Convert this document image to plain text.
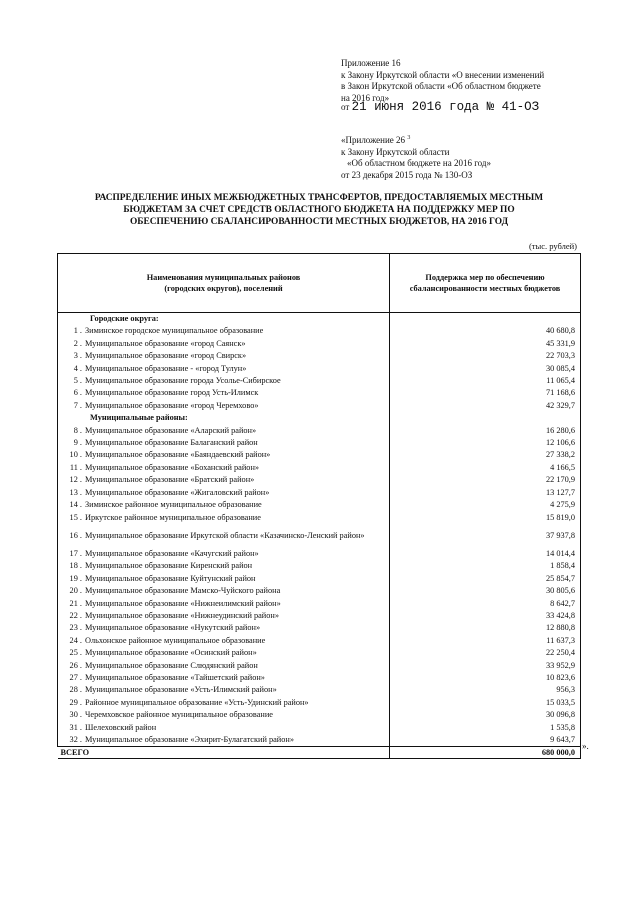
Приложение 16
к Закону Иркутской области «О внесении изменений
в Закон Иркутской области «Об областном бюджете
на 2016 год»
от 21 июня 2016 года № 41-ОЗ
«Приложение 26 $^3$
к Закону Иркутской области
«Об областном бюджете на 2016 год»
от 23 декабря 2015 года № 130-ОЗ
РАСПРЕДЕЛЕНИЕ ИНЫХ МЕЖБЮДЖЕТНЫХ ТРАНСФЕРТОВ, ПРЕДОСТАВЛЯЕМЫХ МЕСТНЫМ
БЮДЖЕТАМ ЗА СЧЕТ СРЕДСТВ ОБЛАСТНОГО БЮДЖЕТА НА ПОДДЕРЖКУ МЕР ПО
ОБЕСПЕЧЕНИЮ СБАЛАНСИРОВАННОСТИ МЕСТНЫХ БЮДЖЕТОВ, НА 2016 ГОД
(тыс. рублей)
Наименования муниципальных районов (городских округов), поселений	Поддержка мер по обеспечению сбалансированности местных бюджетов

Городские округа:	
1 . Зиминское городское муниципальное образование	40 680,8
2 . Муниципальное образование «город Саянск»	45 331,9
3 . Муниципальное образование «город Свирск»	22 703,3
4 . Муниципальное образование - «город Тулун»	30 085,4
5 . Муниципальное образование города Усолье-Сибирское	11 065,4
6 . Муниципальное образование город Усть-Илимск	71 168,6
7 . Муниципальное образование «город Черемхово»	42 329,7
Муниципальные районы:	
8 . Муниципальное образование «Аларский район»	16 280,6
9 . Муниципальное образование Балаганский район	12 106,6
10 . Муниципальное образование «Баяндаевский район»	27 338,2
11 . Муниципальное образование «Боханский район»	4 166,5
12 . Муниципальное образование «Братский район»	22 170,9
13 . Муниципальное образование «Жигаловский район»	13 127,7
14 . Зиминское районное муниципальное образование	4 275,9
15 . Иркутское районное муниципальное образование	15 819,0
16 . Муниципальное образование Иркутской области «Казачинско-Ленский район»	37 937,8
17 . Муниципальное образование «Качугский район»	14 014,4
18 . Муниципальное образование Киренский район	1 858,4
19 . Муниципальное образование Куйтунский район	25 854,7
20 . Муниципальное образование Мамско-Чуйского района	30 805,6
21 . Муниципальное образование «Нижнеилимский район»	8 642,7
22 . Муниципальное образование «Нижнеудинский район»	33 424,8
23 . Муниципальное образование «Нукутский район»	12 880,8
24 . Ольхонское районное муниципальное образование	11 637,3
25 . Муниципальное образование «Осинский район»	22 250,4
26 . Муниципальное образование Слюдянский район	33 952,9
27 . Муниципальное образование «Тайшетский район»	10 823,6
28 . Муниципальное образование «Усть-Илимский район»	956,3
29 . Районное муниципальное образование «Усть-Удинский район»	15 033,5
30 . Черемховское районное муниципальное образование	30 096,8
31 . Шелеховский район	1 535,8
32 . Муниципальное образование «Эхирит-Булагатский район»	9 643,7
ВСЕГО	680 000,0
».
